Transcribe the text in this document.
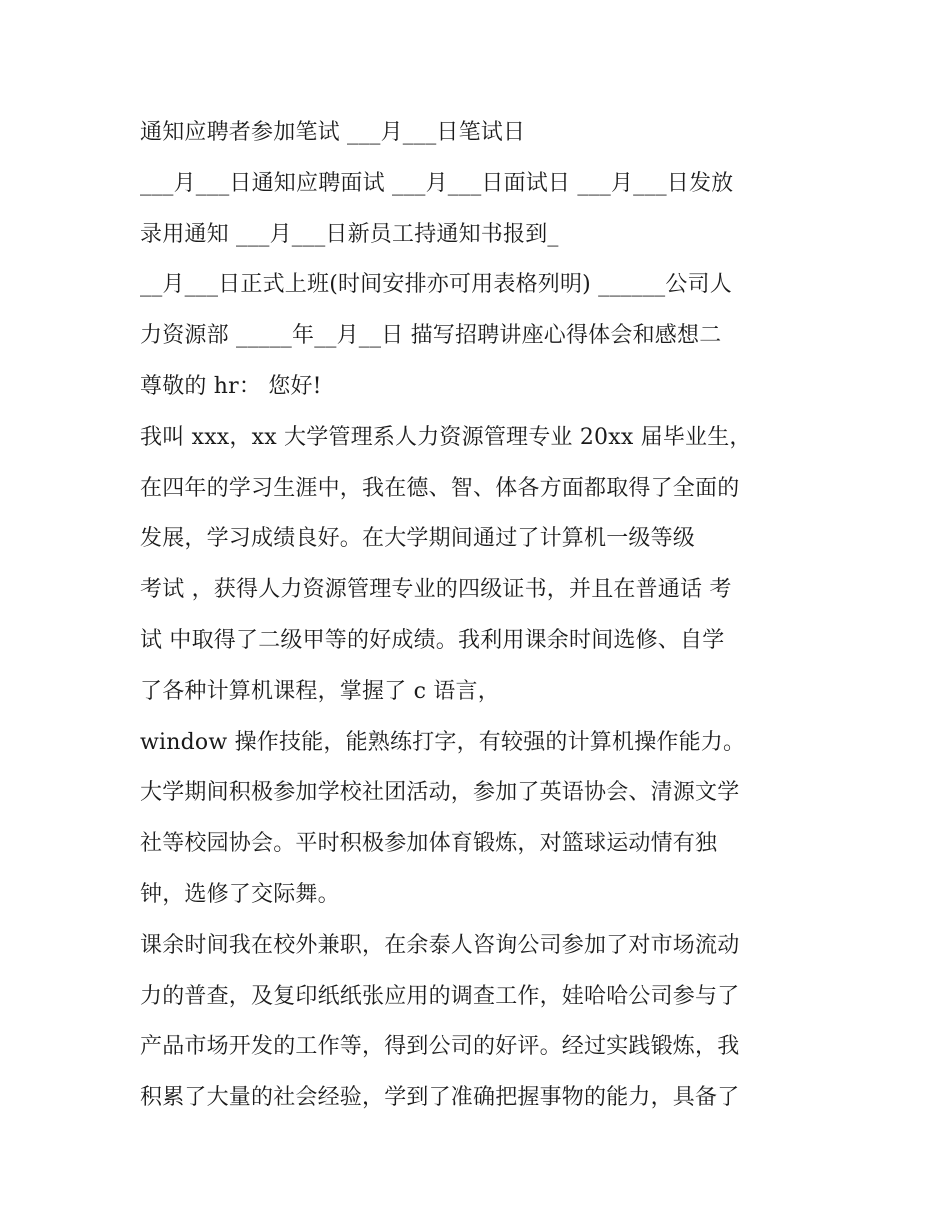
通知应聘者参加笔试 ___月___日笔试日
___月___日通知应聘面试 ___月___日面试日 ___月___日发放
录用通知 ___月___日新员工持通知书报到_
__月___日正式上班(时间安排亦可用表格列明) ______公司人
力资源部 _____年__月__日 描写招聘讲座心得体会和感想二
尊敬的 hr： 您好!
我叫 xxx，xx 大学管理系人力资源管理专业 20xx 届毕业生，
在四年的学习生涯中，我在德、智、体各方面都取得了全面的
发展，学习成绩良好。在大学期间通过了计算机一级等级
考试 ，获得人力资源管理专业的四级证书，并且在普通话 考
试 中取得了二级甲等的好成绩。我利用课余时间选修、自学
了各种计算机课程，掌握了 c 语言，
window 操作技能，能熟练打字，有较强的计算机操作能力。
大学期间积极参加学校社团活动，参加了英语协会、清源文学
社等校园协会。平时积极参加体育锻炼，对篮球运动情有独
钟，选修了交际舞。
课余时间我在校外兼职，在余泰人咨询公司参加了对市场流动
力的普查，及复印纸纸张应用的调查工作，娃哈哈公司参与了
产品市场开发的工作等，得到公司的好评。经过实践锻炼，我
积累了大量的社会经验，学到了准确把握事物的能力，具备了
